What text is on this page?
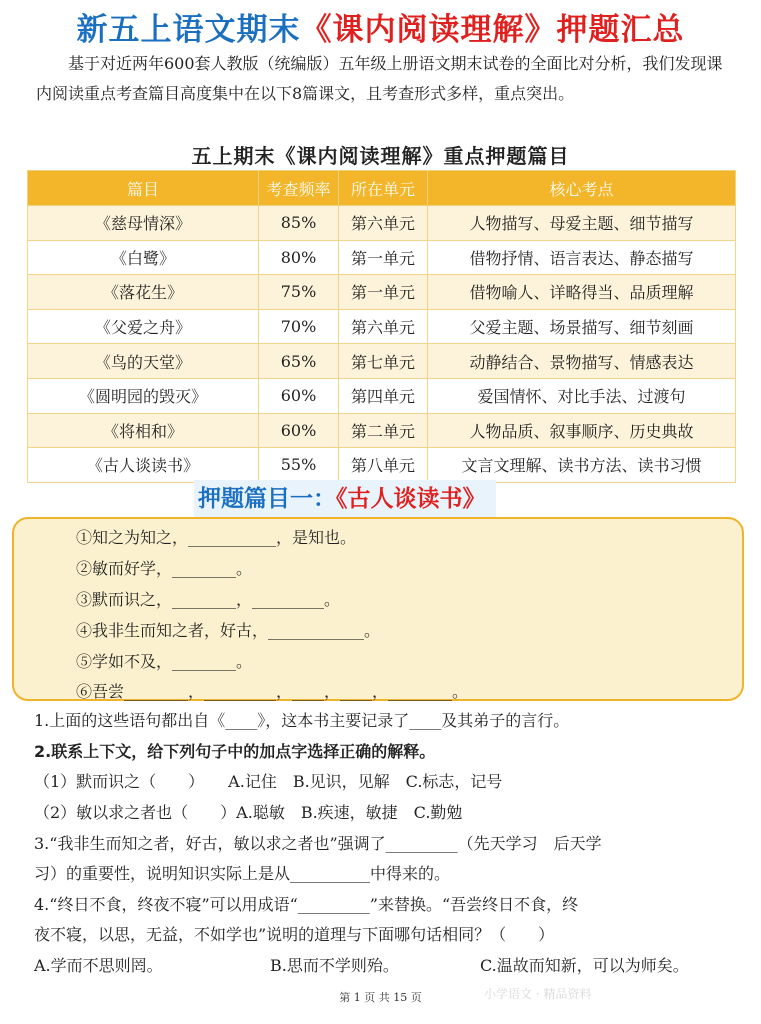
新五上语文期末《课内阅读理解》押题汇总
基于对近两年600套人教版（统编版）五年级上册语文期末试卷的全面比对分析，我们发现课内阅读重点考查篇目高度集中在以下8篇课文，且考查形式多样，重点突出。
五上期末《课内阅读理解》重点押题篇目
篇目	考查频率	所在单元	核心考点
《慈母情深》	85%	第六单元	人物描写、母爱主题、细节描写
《白鹭》	80%	第一单元	借物抒情、语言表达、静态描写
《落花生》	75%	第一单元	借物喻人、详略得当、品质理解
《父爱之舟》	70%	第六单元	父爱主题、场景描写、细节刻画
《鸟的天堂》	65%	第七单元	动静结合、景物描写、情感表达
《圆明园的毁灭》	60%	第四单元	爱国情怀、对比手法、过渡句
《将相和》	60%	第二单元	人物品质、叙事顺序、历史典故
《古人谈读书》	55%	第八单元	文言文理解、读书方法、读书习惯
押题篇目一：《古人谈读书》
①知之为知之，___________，是知也。
②敏而好学，________。
③默而识之，________，_________。
④我非生而知之者，好古，____________。
⑤学如不及，________。
⑥吾尝________，_________，____，____，________。
1.上面的这些语句都出自《____》，这本书主要记录了____及其弟子的言行。
2.联系上下文，给下列句子中的加点字选择正确的解释。
（1）默而识之（　　）　　A.记住　B.见识，见解　C.标志，记号
（2）敏以求之者也（　　）A.聪敏　B.疾速，敏捷　C.勤勉
3.“我非生而知之者，好古，敏以求之者也”强调了_________（先天学习　后天学
习）的重要性，说明知识实际上是从__________中得来的。
4.“终日不食，终夜不寝”可以用成语“_________”来替换。“吾尝终日不食，终
夜不寝，以思，无益，不如学也”说明的道理与下面哪句话相同？（　　）
A.学而不思则罔。	B.思而不学则殆。	C.温故而知新，可以为师矣。
第 1 页 共 15 页	小学语文 · 精品资料
